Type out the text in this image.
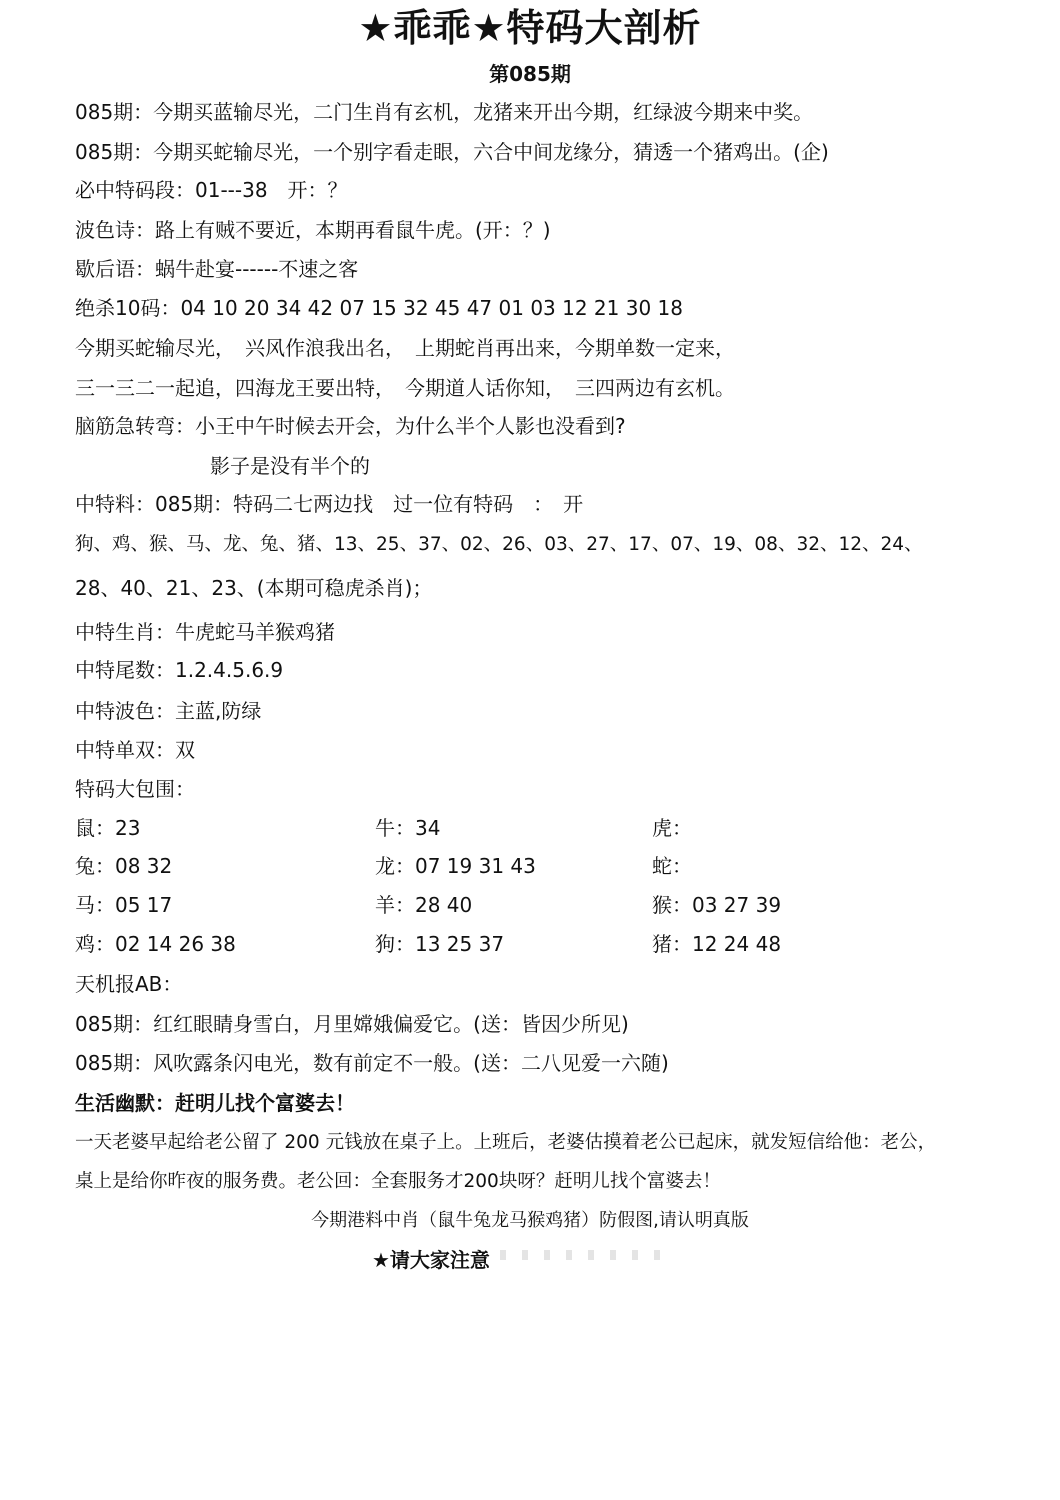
★乖乖★特码大剖析
第085期
085期：今期买蓝输尽光，二门生肖有玄机，龙猪来开出今期，红绿波今期来中奖。
085期：今期买蛇输尽光，一个别字看走眼，六合中间龙缘分，猜透一个猪鸡出。(企)
必中特码段：01---38　开：？
波色诗：路上有贼不要近，本期再看鼠牛虎。(开：？)
歇后语：蜗牛赴宴------不速之客
绝杀10码：04 10 20 34 42 07 15 32 45 47 01 03 12 21 30 18
今期买蛇输尽光，　兴风作浪我出名，　上期蛇肖再出来，今期单数一定来，
三一三二一起追，四海龙王要出特，　今期道人话你知，　三四两边有玄机。
脑筋急转弯：小王中午时候去开会，为什么半个人影也没看到?
影子是没有半个的
中特料：085期：特码二七两边找　过一位有特码　：　开
狗、鸡、猴、马、龙、兔、猪、13、25、37、02、26、03、27、17、07、19、08、32、12、24、
28、40、21、23、(本期可稳虎杀肖)；
中特生肖：牛虎蛇马羊猴鸡猪
中特尾数：1.2.4.5.6.9
中特波色：主蓝,防绿
中特单双：双
特码大包围：
鼠：23	牛：34	虎：
兔：08 32	龙：07 19 31 43	蛇：
马：05 17	羊：28 40	猴：03 27 39
鸡：02 14 26 38	狗：13 25 37	猪：12 24 48
天机报AB：
085期：红红眼睛身雪白，月里嫦娥偏爱它。(送：皆因少所见)
085期：风吹露条闪电光，数有前定不一般。(送：二八见爱一六随)
生活幽默：赶明儿找个富婆去！
一天老婆早起给老公留了 200 元钱放在桌子上。上班后，老婆估摸着老公已起床，就发短信给他：老公，
桌上是给你昨夜的服务费。老公回：全套服务才200块呀？赶明儿找个富婆去！
今期港料中肖（鼠牛兔龙马猴鸡猪）防假图,请认明真版
★请大家注意
